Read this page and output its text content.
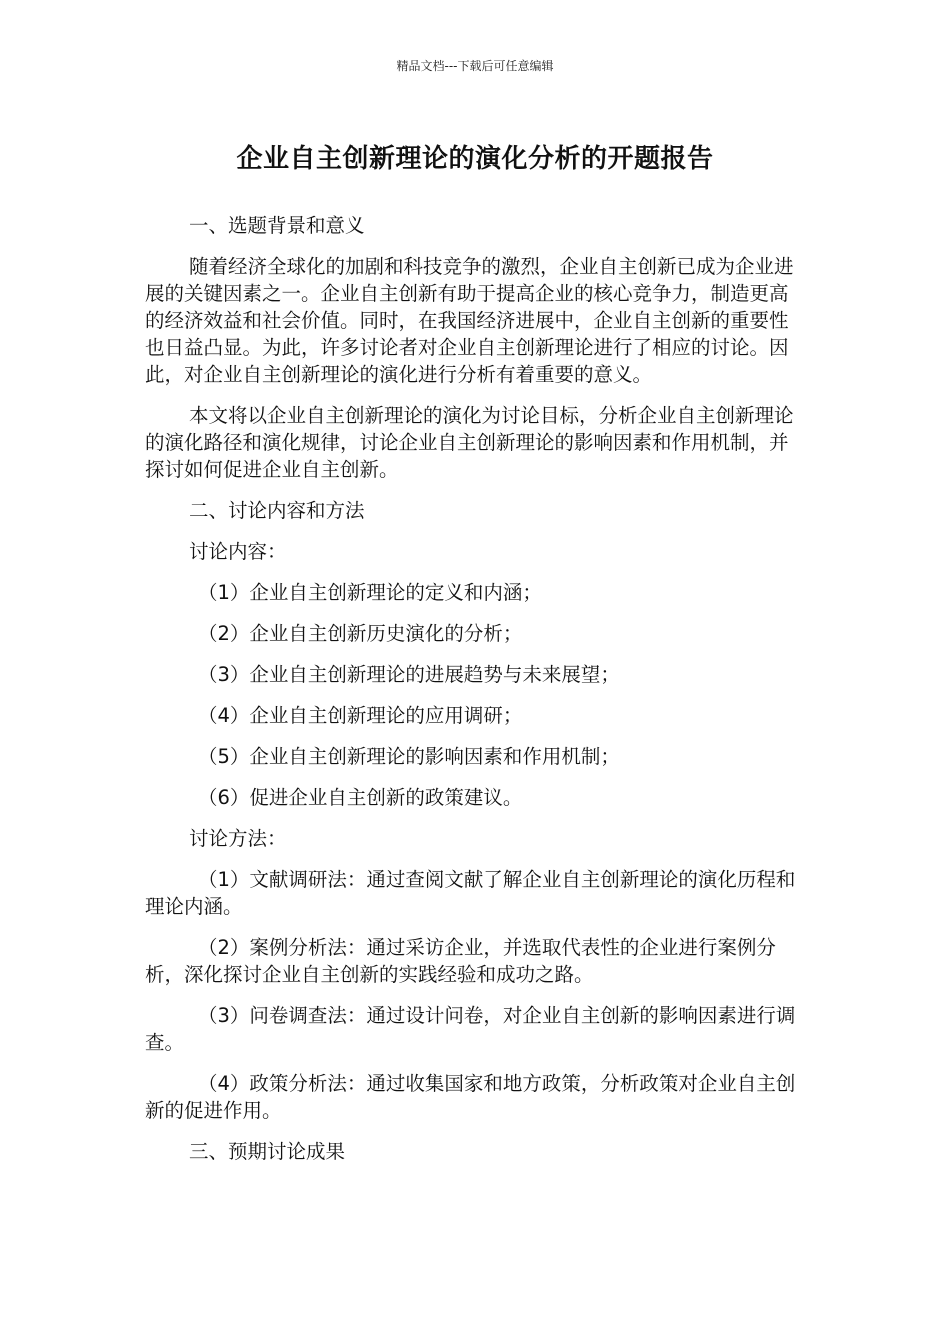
精品文档---下载后可任意编辑
企业自主创新理论的演化分析的开题报告

一、选题背景和意义

随着经济全球化的加剧和科技竞争的激烈，企业自主创新已成为企业进展的关键因素之一。企业自主创新有助于提高企业的核心竞争力，制造更高的经济效益和社会价值。同时，在我国经济进展中，企业自主创新的重要性也日益凸显。为此，许多讨论者对企业自主创新理论进行了相应的讨论。因此，对企业自主创新理论的演化进行分析有着重要的意义。

本文将以企业自主创新理论的演化为讨论目标，分析企业自主创新理论的演化路径和演化规律，讨论企业自主创新理论的影响因素和作用机制，并探讨如何促进企业自主创新。

二、讨论内容和方法

讨论内容：

（1）企业自主创新理论的定义和内涵；

（2）企业自主创新历史演化的分析；

（3）企业自主创新理论的进展趋势与未来展望；

（4）企业自主创新理论的应用调研；

（5）企业自主创新理论的影响因素和作用机制；

（6）促进企业自主创新的政策建议。

讨论方法：

（1）文献调研法：通过查阅文献了解企业自主创新理论的演化历程和理论内涵。

（2）案例分析法：通过采访企业，并选取代表性的企业进行案例分析，深化探讨企业自主创新的实践经验和成功之路。

（3）问卷调查法：通过设计问卷，对企业自主创新的影响因素进行调查。

（4）政策分析法：通过收集国家和地方政策，分析政策对企业自主创新的促进作用。

三、预期讨论成果
